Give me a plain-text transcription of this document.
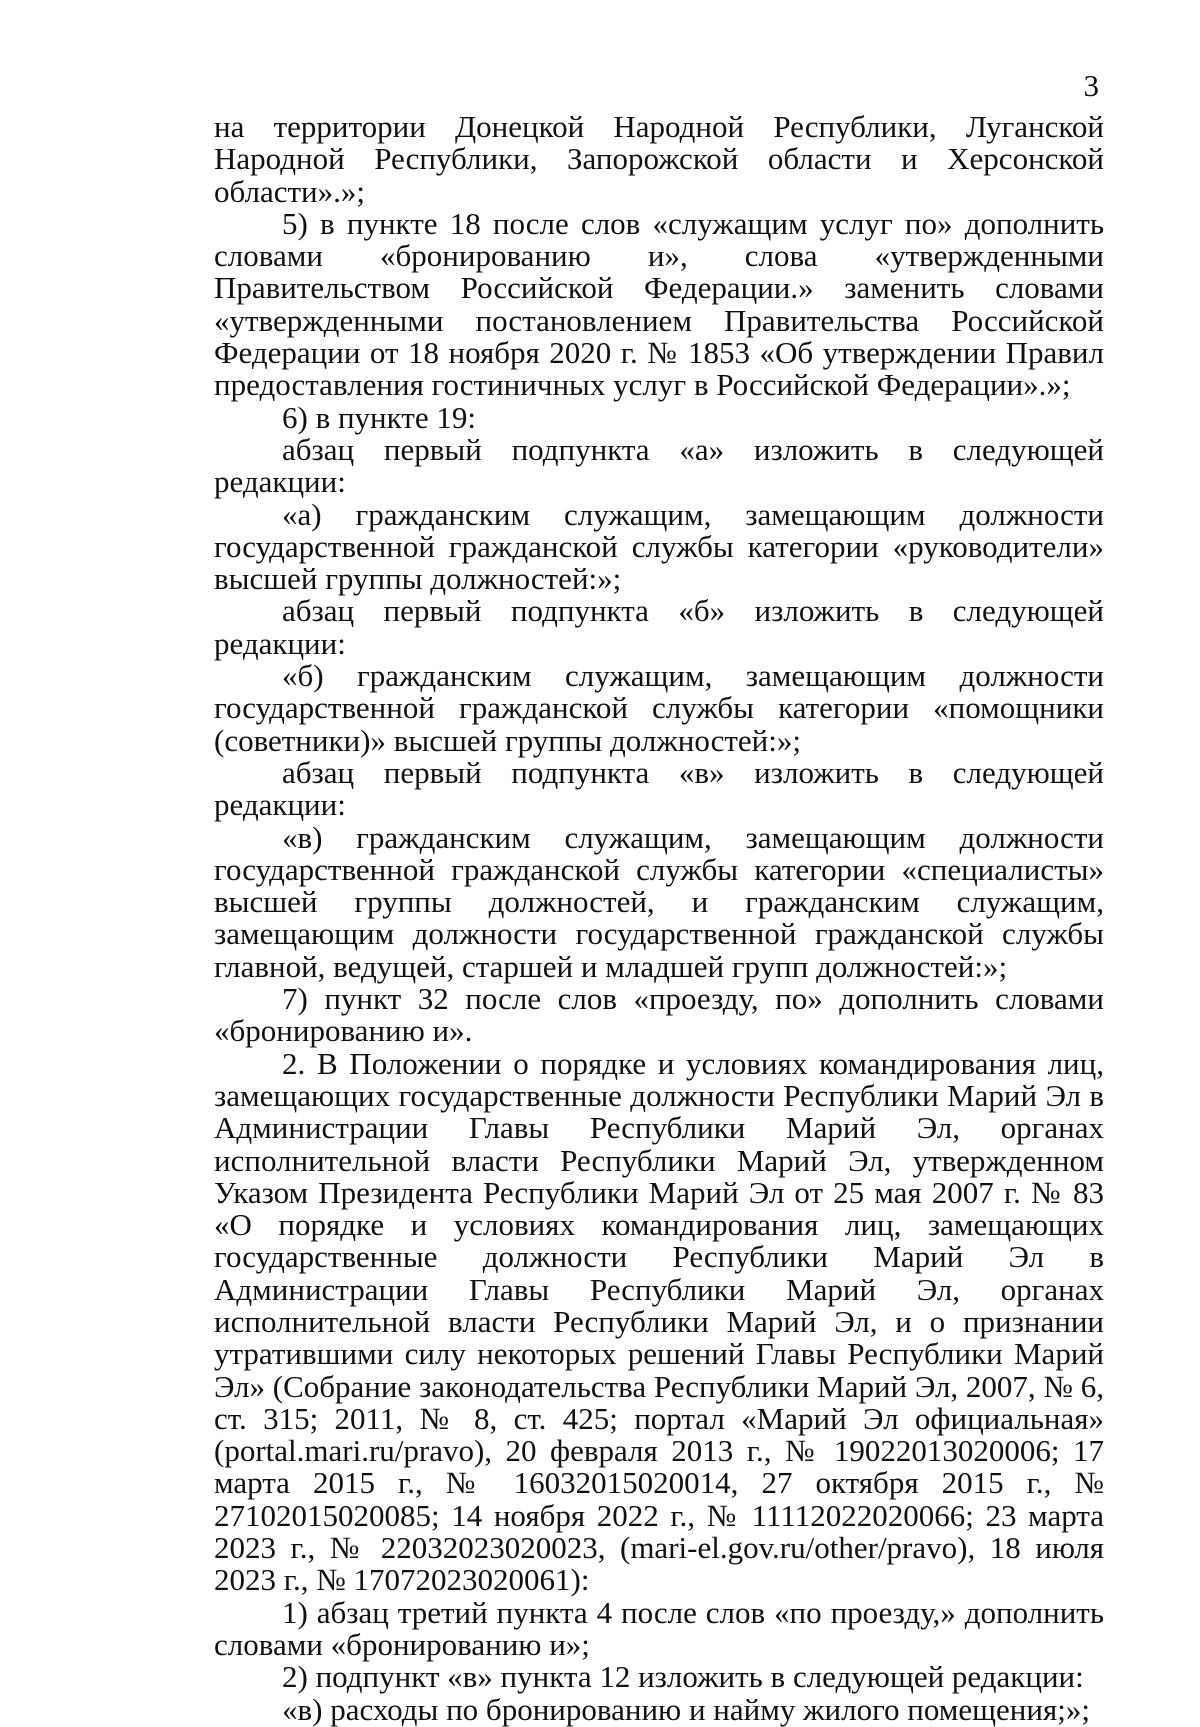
3

на территории Донецкой Народной Республики, Луганской Народной Республики, Запорожской области и Херсонской области».»;

5) в пункте 18 после слов «служащим услуг по» дополнить словами «бронированию и», слова «утвержденными Правительством Российской Федерации.» заменить словами «утвержденными постановлением Правительства Российской Федерации от 18 ноября 2020 г. № 1853 «Об утверждении Правил предоставления гостиничных услуг в Российской Федерации».»;

6) в пункте 19:

абзац первый подпункта «а» изложить в следующей редакции:

«а) гражданским служащим, замещающим должности государственной гражданской службы категории «руководители» высшей группы должностей:»;

абзац первый подпункта «б» изложить в следующей редакции:

«б) гражданским служащим, замещающим должности государственной гражданской службы категории «помощники (советники)» высшей группы должностей:»;

абзац первый подпункта «в» изложить в следующей редакции:

«в) гражданским служащим, замещающим должности государственной гражданской службы категории «специалисты» высшей группы должностей, и гражданским служащим, замещающим должности государственной гражданской службы главной, ведущей, старшей и младшей групп должностей:»;

7) пункт 32 после слов «проезду, по» дополнить словами «бронированию и».

2. В Положении о порядке и условиях командирования лиц, замещающих государственные должности Республики Марий Эл в Администрации Главы Республики Марий Эл, органах исполнительной власти Республики Марий Эл, утвержденном Указом Президента Республики Марий Эл от 25 мая 2007 г. № 83 «О порядке и условиях командирования лиц, замещающих государственные должности Республики Марий Эл в Администрации Главы Республики Марий Эл, органах исполнительной власти Республики Марий Эл, и о признании утратившими силу некоторых решений Главы Республики Марий Эл» (Собрание законодательства Республики Марий Эл, 2007, № 6, ст. 315; 2011, № 8, ст. 425; портал «Марий Эл официальная» (portal.mari.ru/pravo), 20 февраля 2013 г., № 19022013020006; 17 марта 2015 г., № 16032015020014, 27 октября 2015 г., № 27102015020085; 14 ноября 2022 г., № 11112022020066; 23 марта 2023 г., № 22032023020023, (mari-el.gov.ru/other/pravo), 18 июля 2023 г., № 17072023020061):

1) абзац третий пункта 4 после слов «по проезду,» дополнить словами «бронированию и»;

2) подпункт «в» пункта 12 изложить в следующей редакции:

«в) расходы по бронированию и найму жилого помещения;»;
